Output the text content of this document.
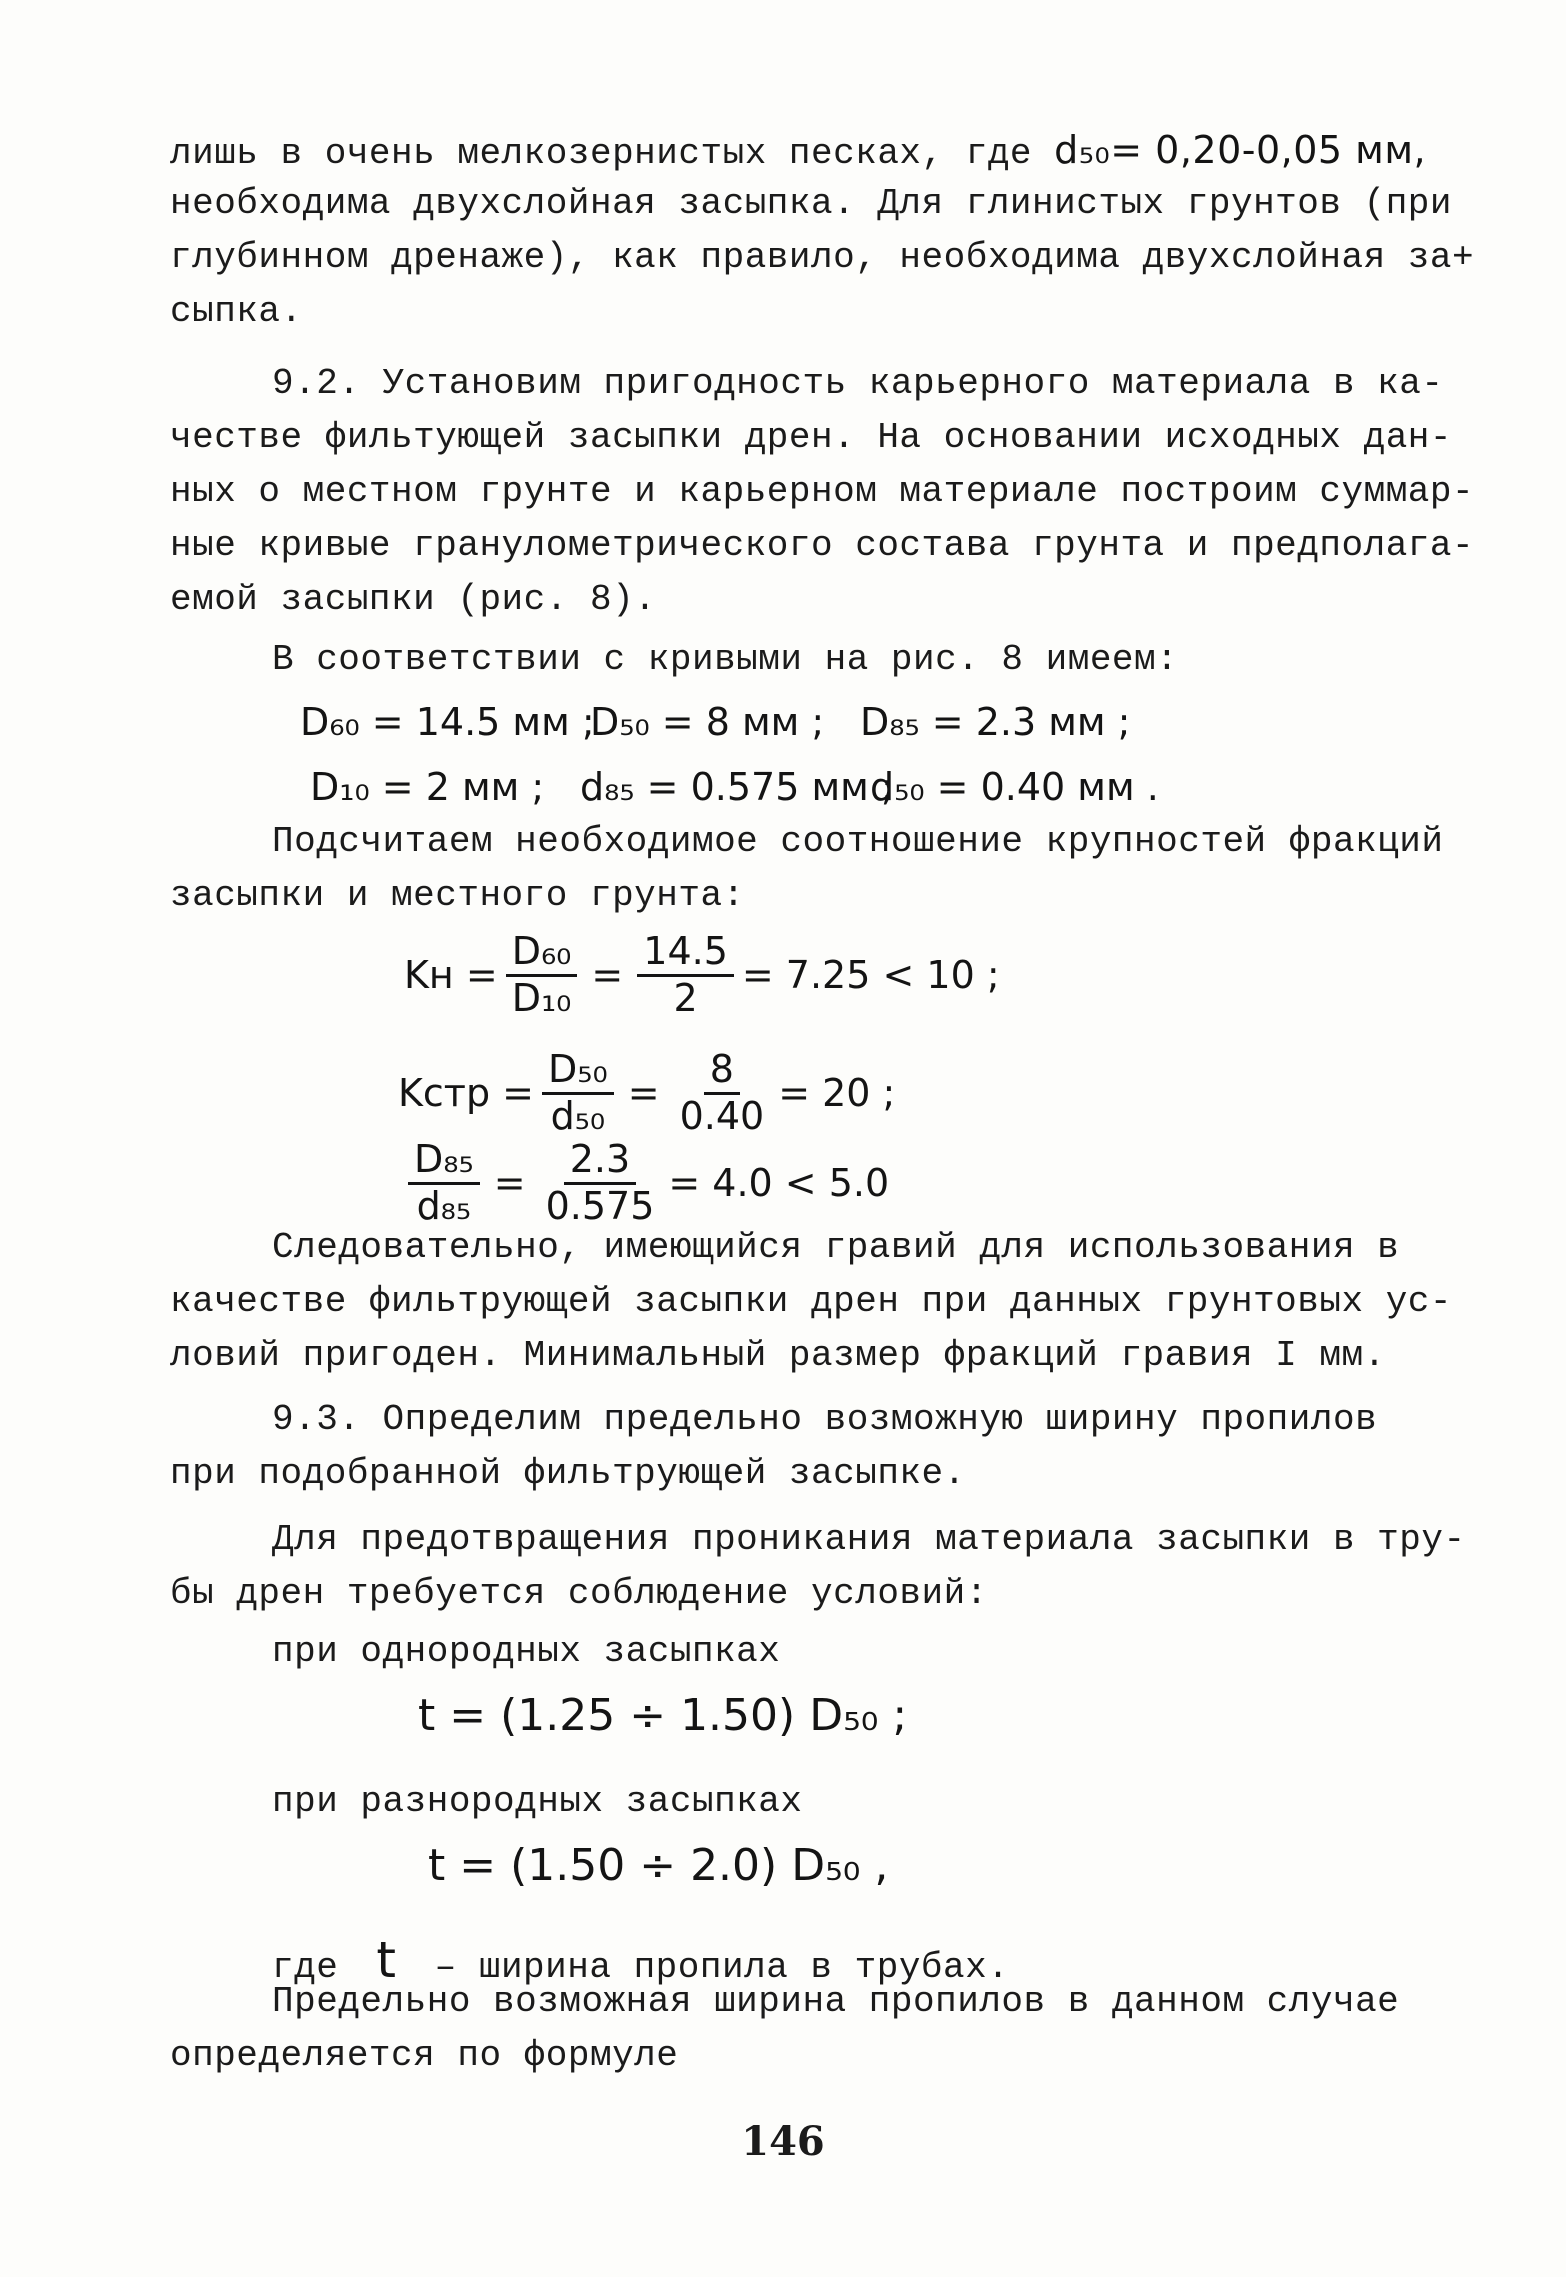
лишь в очень мелкозернистых песках, где d₅₀= 0,20-0,05 мм,
необходима двухслойная засыпка. Для глинистых грунтов (при
глубинном дренаже), как правило, необходима двухслойная за+
сыпка.
9.2. Установим пригодность карьерного материала в ка-
честве фильтующей засыпки дрен. На основании исходных дан-
ных о местном грунте и карьерном материале построим суммар-
ные кривые гранулометрического состава грунта и предполага-
емой засыпки (рис. 8).
В соответствии с кривыми на рис. 8 имеем:
D₆₀ = 14.5 мм ;
D₅₀ = 8 мм ; D₈₅ = 2.3 мм ;
D₁₀ = 2 мм ; d₈₅ = 0.575 мм ;
d₅₀ = 0.40 мм .
Подсчитаем необходимое соотношение крупностей фракций
засыпки и местного грунта:
Kн = $\frac{\text{D₆₀}}{\text{D₁₀}} = \frac{14.5}{2} = 7.25 < 10$ ;
Kстр = $\frac{\text{D₅₀}}{\text{d₅₀}} = \frac{8}{0.40} = 20$ ;
$\frac{\text{D₈₅}}{\text{d₈₅}} = \frac{2.3}{0.575} = 4.0 < 5.0$
Следовательно, имеющийся гравий для использования в
качестве фильтрующей засыпки дрен при данных грунтовых ус-
ловий пригоден. Минимальный размер фракций гравия I мм.
9.3. Определим предельно возможную ширину пропилов
при подобранной фильтрующей засыпке.
Для предотвращения проникания материала засыпки в тру-
бы дрен требуется соблюдение условий:
при однородных засыпках
t = (1.25 ÷ 1.50) D₅₀ ;
при разнородных засыпках
t = (1.50 ÷ 2.0) D₅₀ ,
где t – ширина пропила в трубах.
Предельно возможная ширина пропилов в данном случае
определяется по формуле
146
